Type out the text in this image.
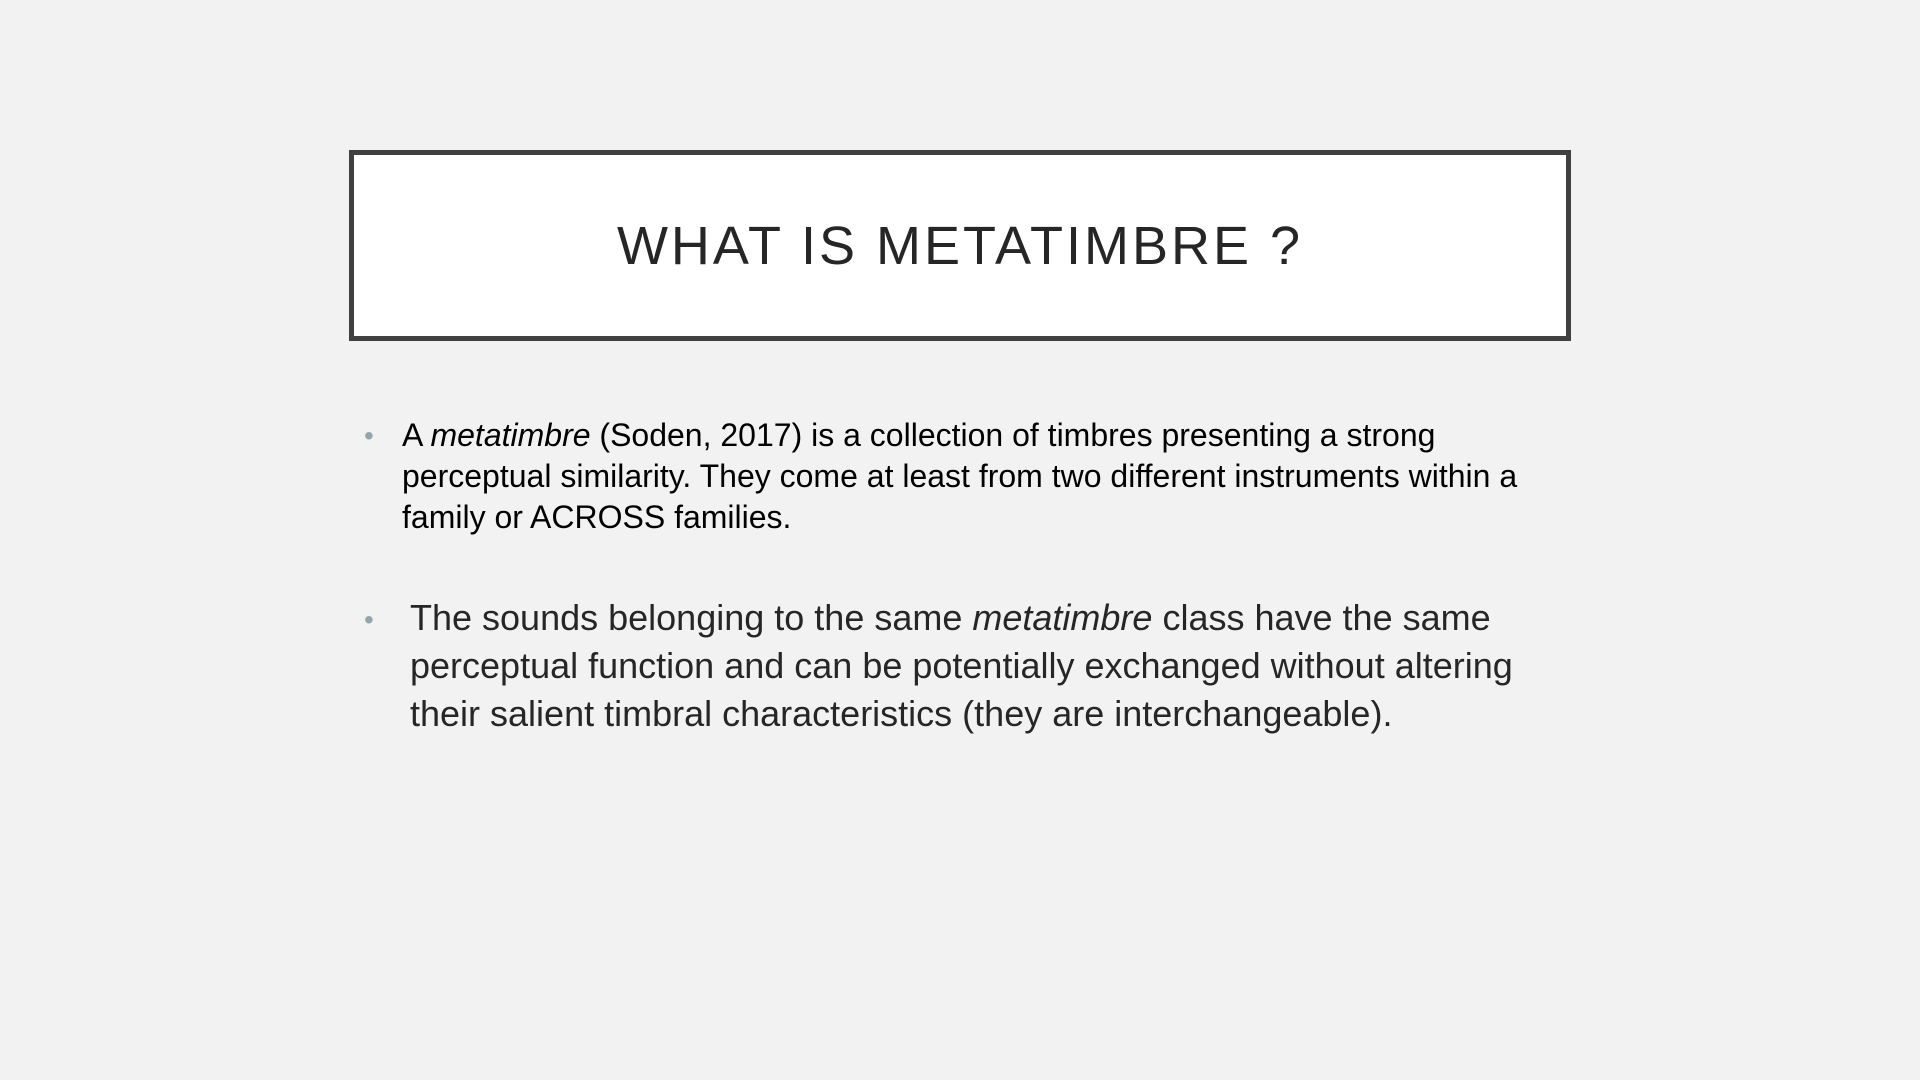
WHAT IS METATIMBRE ?

• A metatimbre (Soden, 2017) is a collection of timbres presenting a strong perceptual similarity. They come at least from two different instruments within a family or ACROSS families.

• The sounds belonging to the same metatimbre class have the same perceptual function and can be potentially exchanged without altering their salient timbral characteristics (they are interchangeable).
